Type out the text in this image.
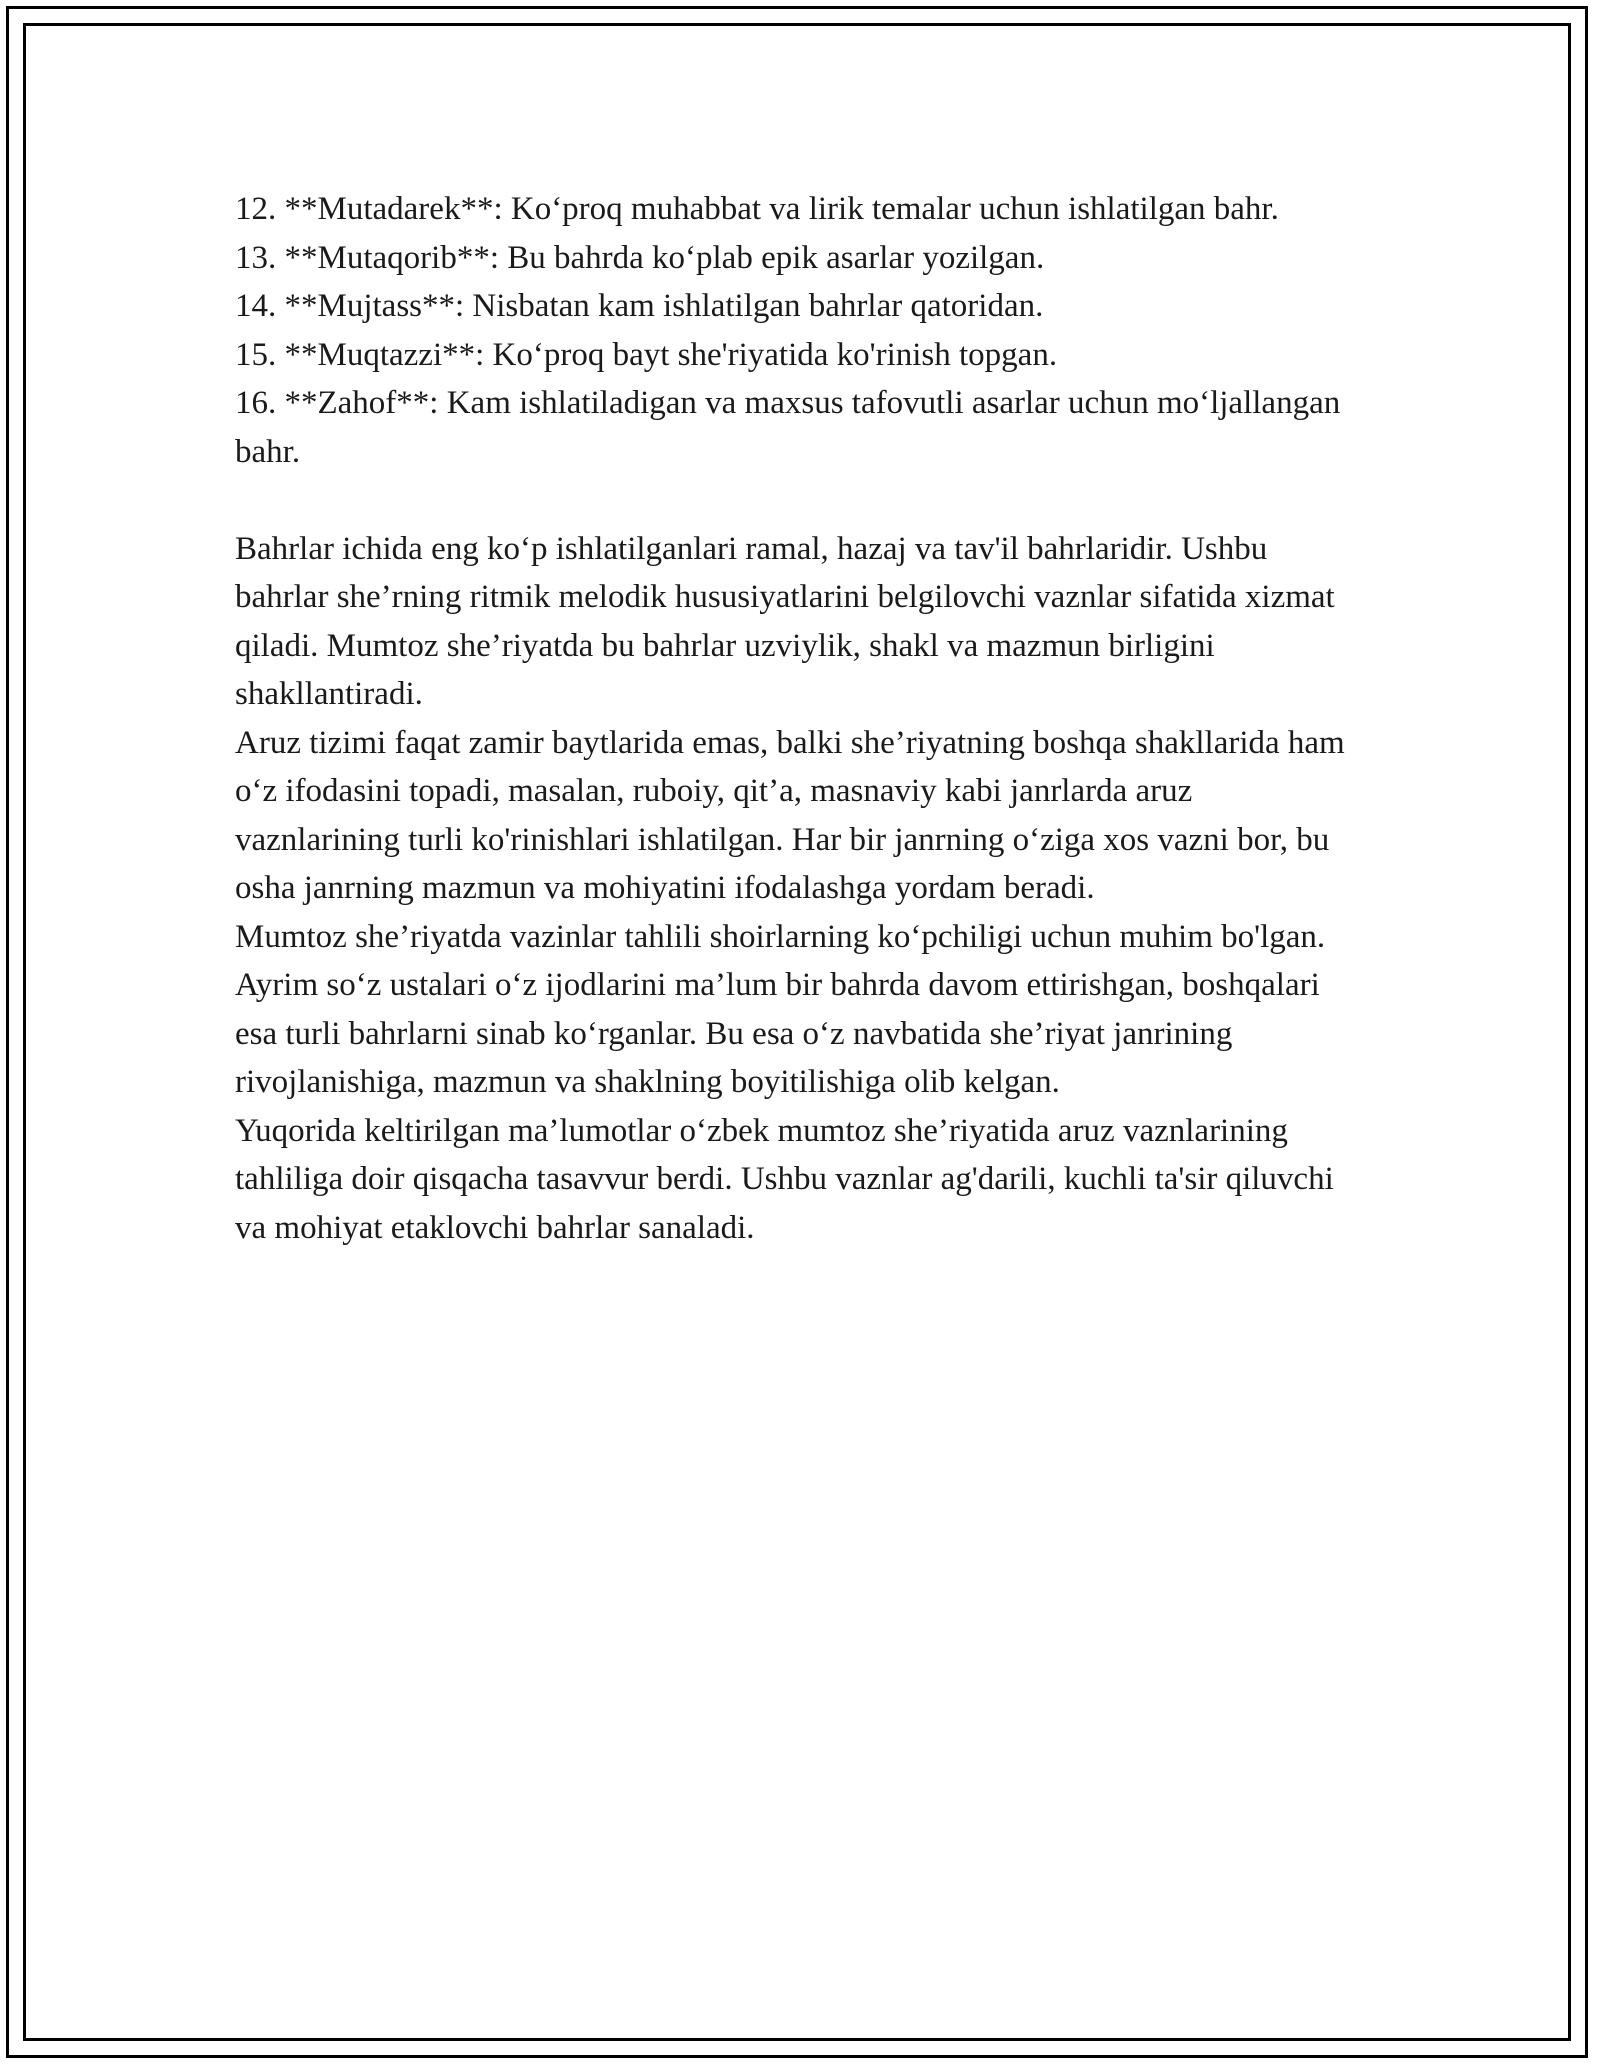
12. **Mutadarek**: Ko‘proq muhabbat va lirik temalar uchun ishlatilgan bahr.
13. **Mutaqorib**: Bu bahrda ko‘plab epik asarlar yozilgan.
14. **Mujtass**: Nisbatan kam ishlatilgan bahrlar qatoridan.
15. **Muqtazzi**: Ko‘proq bayt she'riyatida ko'rinish topgan.
16. **Zahof**: Kam ishlatiladigan va maxsus tafovutli asarlar uchun mo‘ljallangan bahr.

Bahrlar ichida eng ko‘p ishlatilganlari ramal, hazaj va tav'il bahrlaridir. Ushbu bahrlar she’rning ritmik melodik hususiyatlarini belgilovchi vaznlar sifatida xizmat qiladi. Mumtoz she’riyatda bu bahrlar uzviylik, shakl va mazmun birligini shakllantiradi.

Aruz tizimi faqat zamir baytlarida emas, balki she’riyatning boshqa shakllarida ham o‘z ifodasini topadi, masalan, ruboiy, qit’a, masnaviy kabi janrlarda aruz vaznlarining turli ko'rinishlari ishlatilgan. Har bir janrning o‘ziga xos vazni bor, bu osha janrning mazmun va mohiyatini ifodalashga yordam beradi.

Mumtoz she’riyatda vazinlar tahlili shoirlarning ko‘pchiligi uchun muhim bo'lgan. Ayrim so‘z ustalari o‘z ijodlarini ma’lum bir bahrda davom ettirishgan, boshqalari esa turli bahrlarni sinab ko‘rganlar. Bu esa o‘z navbatida she’riyat janrining rivojlanishiga, mazmun va shaklning boyitilishiga olib kelgan.

Yuqorida keltirilgan ma’lumotlar o‘zbek mumtoz she’riyatida aruz vaznlarining tahliliga doir qisqacha tasavvur berdi. Ushbu vaznlar ag'darili, kuchli ta'sir qiluvchi va mohiyat etaklovchi bahrlar sanaladi.
